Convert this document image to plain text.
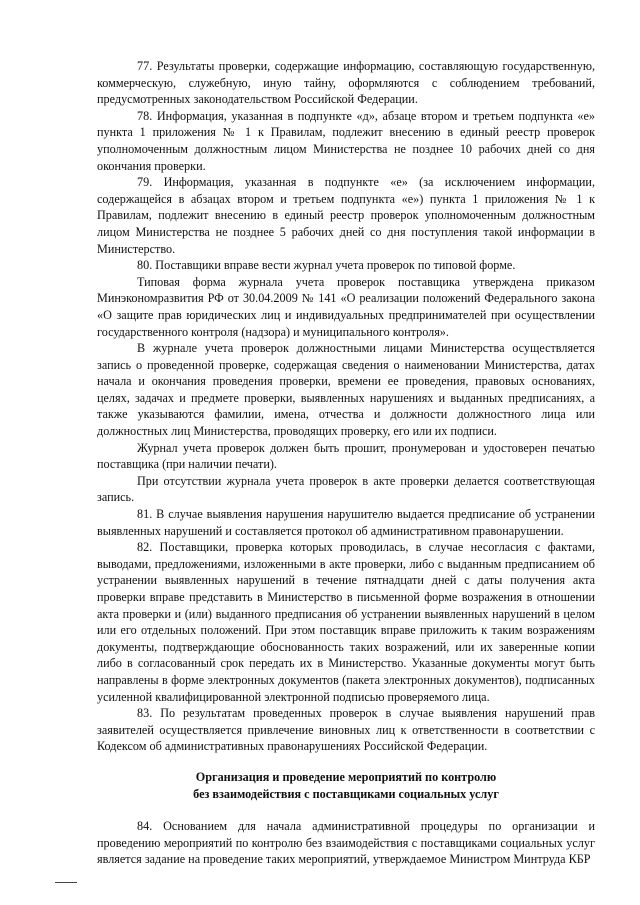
77. Результаты проверки, содержащие информацию, составляющую государственную, коммерческую, служебную, иную тайну, оформляются с соблюдением требований, предусмотренных законодательством Российской Федерации.

78. Информация, указанная в подпункте «д», абзаце втором и третьем подпункта «е» пункта 1 приложения № 1 к Правилам, подлежит внесению в единый реестр проверок уполномоченным должностным лицом Министерства не позднее 10 рабочих дней со дня окончания проверки.

79. Информация, указанная в подпункте «е» (за исключением информации, содержащейся в абзацах втором и третьем подпункта «е») пункта 1 приложения № 1 к Правилам, подлежит внесению в единый реестр проверок уполномоченным должностным лицом Министерства не позднее 5 рабочих дней со дня поступления такой информации в Министерство.

80. Поставщики вправе вести журнал учета проверок по типовой форме.

Типовая форма журнала учета проверок поставщика утверждена приказом Минэкономразвития РФ от 30.04.2009 № 141 «О реализации положений Федерального закона «О защите прав юридических лиц и индивидуальных предпринимателей при осуществлении государственного контроля (надзора) и муниципального контроля».

В журнале учета проверок должностными лицами Министерства осуществляется запись о проведенной проверке, содержащая сведения о наименовании Министерства, датах начала и окончания проведения проверки, времени ее проведения, правовых основаниях, целях, задачах и предмете проверки, выявленных нарушениях и выданных предписаниях, а также указываются фамилии, имена, отчества и должности должностного лица или должностных лиц Министерства, проводящих проверку, его или их подписи.

Журнал учета проверок должен быть прошит, пронумерован и удостоверен печатью поставщика (при наличии печати).

При отсутствии журнала учета проверок в акте проверки делается соответствующая запись.

81. В случае выявления нарушения нарушителю выдается предписание об устранении выявленных нарушений и составляется протокол об административном правонарушении.

82. Поставщики, проверка которых проводилась, в случае несогласия с фактами, выводами, предложениями, изложенными в акте проверки, либо с выданным предписанием об устранении выявленных нарушений в течение пятнадцати дней с даты получения акта проверки вправе представить в Министерство в письменной форме возражения в отношении акта проверки и (или) выданного предписания об устранении выявленных нарушений в целом или его отдельных положений. При этом поставщик вправе приложить к таким возражениям документы, подтверждающие обоснованность таких возражений, или их заверенные копии либо в согласованный срок передать их в Министерство. Указанные документы могут быть направлены в форме электронных документов (пакета электронных документов), подписанных усиленной квалифицированной электронной подписью проверяемого лица.

83. По результатам проведенных проверок в случае выявления нарушений прав заявителей осуществляется привлечение виновных лиц к ответственности в соответствии с Кодексом об административных правонарушениях Российской Федерации.

Организация и проведение мероприятий по контролю
без взаимодействия с поставщиками социальных услуг

84. Основанием для начала административной процедуры по организации и проведению мероприятий по контролю без взаимодействия с поставщиками социальных услуг является задание на проведение таких мероприятий, утверждаемое Министром Минтруда КБР
